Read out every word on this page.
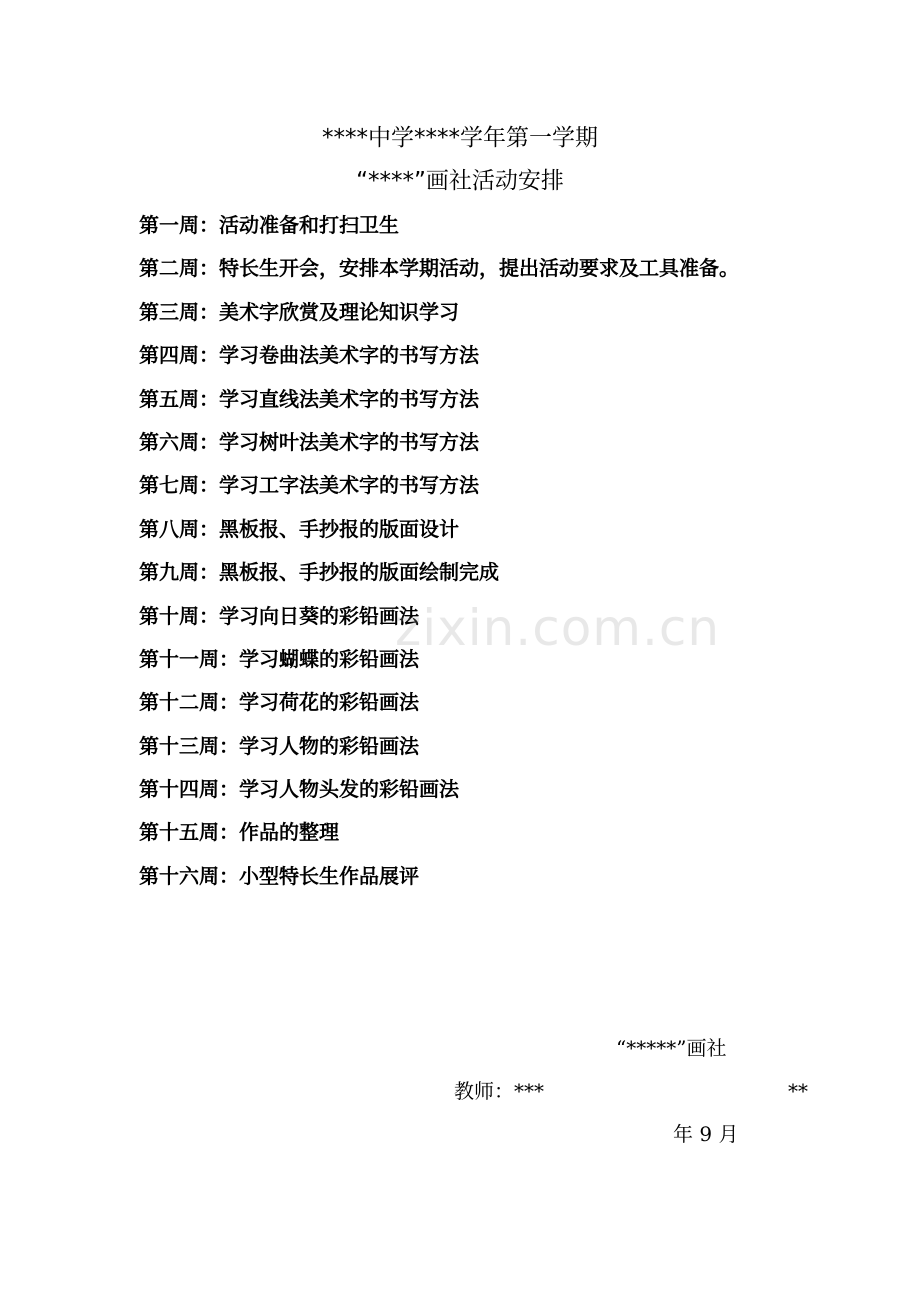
****中学****学年第一学期
“****”画社活动安排
第一周：活动准备和打扫卫生
第二周：特长生开会，安排本学期活动，提出活动要求及工具准备。
第三周：美术字欣赏及理论知识学习
第四周：学习卷曲法美术字的书写方法
第五周：学习直线法美术字的书写方法
第六周：学习树叶法美术字的书写方法
第七周：学习工字法美术字的书写方法
第八周：黑板报、手抄报的版面设计
第九周：黑板报、手抄报的版面绘制完成
第十周：学习向日葵的彩铅画法
第十一周：学习蝴蝶的彩铅画法
第十二周：学习荷花的彩铅画法
第十三周：学习人物的彩铅画法
第十四周：学习人物头发的彩铅画法
第十五周：作品的整理
第十六周：小型特长生作品展评
zixin.com.cn
“*****”画社
教师：***	**
年 9 月
